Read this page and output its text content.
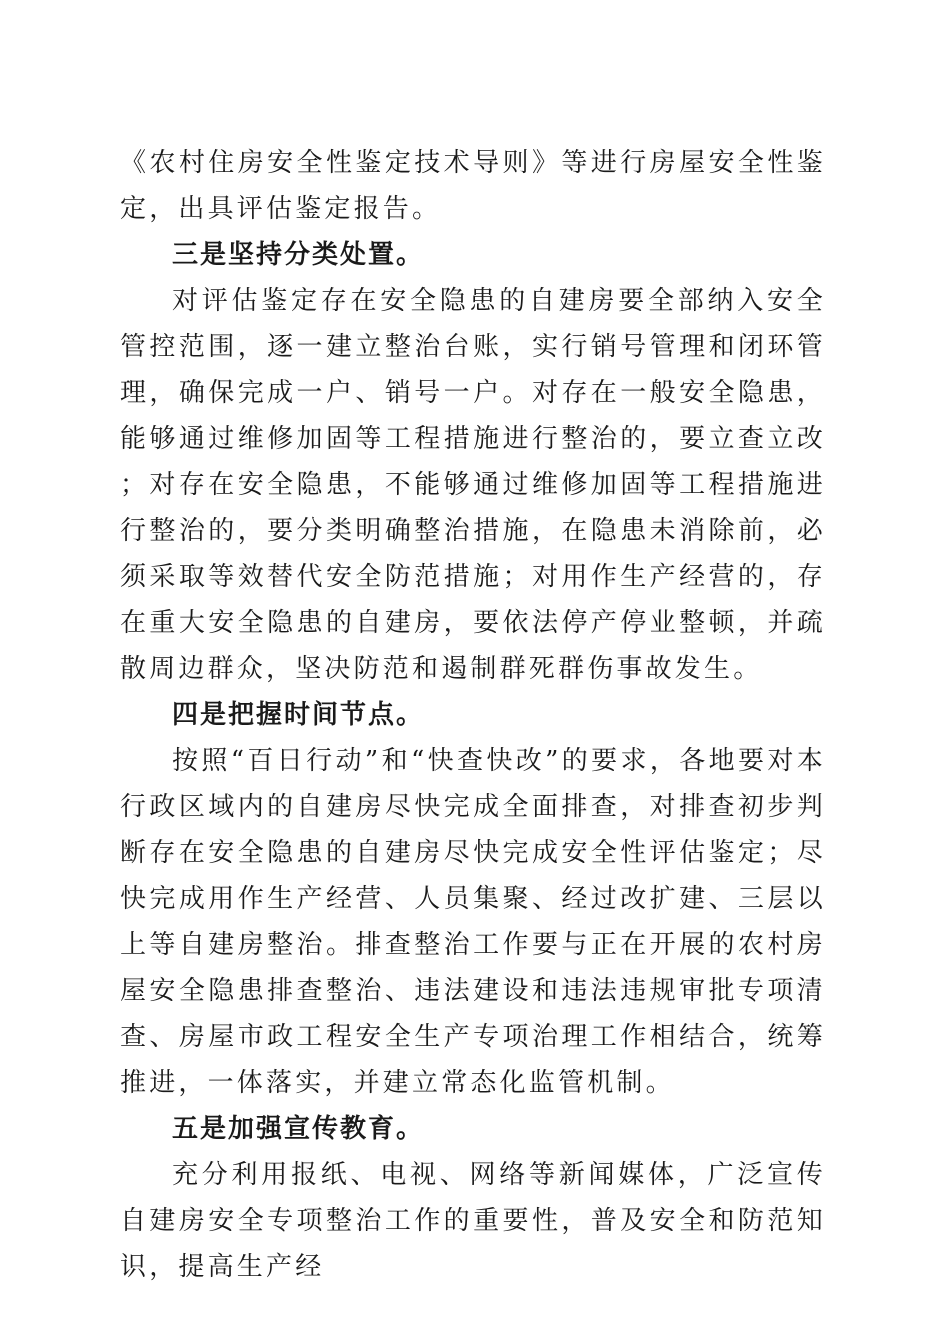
《农村住房安全性鉴定技术导则》等进行房屋安全性鉴定，出具评估鉴定报告。

三是坚持分类处置。

对评估鉴定存在安全隐患的自建房要全部纳入安全管控范围，逐一建立整治台账，实行销号管理和闭环管理，确保完成一户、销号一户。对存在一般安全隐患，能够通过维修加固等工程措施进行整治的，要立查立改；对存在安全隐患，不能够通过维修加固等工程措施进行整治的，要分类明确整治措施，在隐患未消除前，必须采取等效替代安全防范措施；对用作生产经营的，存在重大安全隐患的自建房，要依法停产停业整顿，并疏散周边群众，坚决防范和遏制群死群伤事故发生。

四是把握时间节点。

按照“百日行动”和“快查快改”的要求，各地要对本行政区域内的自建房尽快完成全面排查，对排查初步判断存在安全隐患的自建房尽快完成安全性评估鉴定；尽快完成用作生产经营、人员集聚、经过改扩建、三层以上等自建房整治。排查整治工作要与正在开展的农村房屋安全隐患排查整治、违法建设和违法违规审批专项清查、房屋市政工程安全生产专项治理工作相结合，统筹推进，一体落实，并建立常态化监管机制。

五是加强宣传教育。

充分利用报纸、电视、网络等新闻媒体，广泛宣传自建房安全专项整治工作的重要性，普及安全和防范知识，提高生产经
